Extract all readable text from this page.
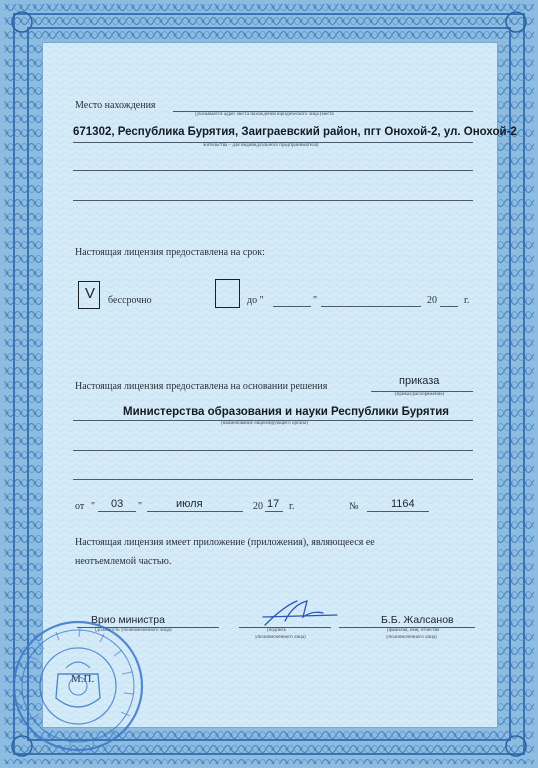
Место нахождения
(указывается адрес места нахождения юридического лица (места
671302, Республика Бурятия, Заиграевский район, пгт Онохой-2, ул. Онохой-2
жительства – для индивидуального предпринимателя)
Настоящая лицензия предоставлена на срок:
V бессрочно	до "	"	20	г.
Настоящая лицензия предоставлена на основании решения	приказа
(приказ/распоряжение)
Министерства образования и науки Республики Бурятия
(наименование лицензирующего органа)
от " 03 "	июля	20 17 г.	№	1164
Настоящая лицензия имеет приложение (приложения), являющееся ее
неотъемлемой частью.
Врио министра
(должность уполномоченного лица)	(подпись
уполномоченного лица)
Б.Б. Жалсанов
(фамилия, имя, отчество
уполномоченного лица)
М.П.
